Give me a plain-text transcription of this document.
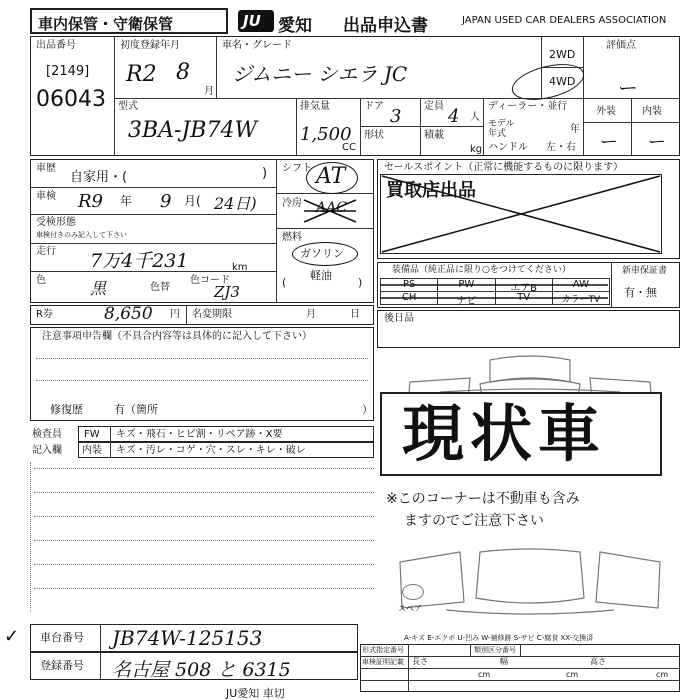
車内保管・守衛保管	JU 愛知 出品申込書	JAPAN USED CAR DEALERS ASSOCIATION
出品番号
[2149]
06043
初度登録年月
R2 8
月
車名・グレード
ジムニー シエラ JC
2WD
4WD
評価点
ー
型式
3BA-JB74W
排気量
1,500
CC
ドア 3
形状
定員 4 人
積載
kg
ディーラー・並行
モデル年式	年
ハンドル 左・右
外装	内装
ー ー
車歴
自家用・(	)
車検 R9 年 9 月( 24日)
受検形態
車検付きのみ記入して下さい
走行 7万4千231	km
色	黒	色替
色コード
ZJ3
シフト AT
冷房 AAC
燃料
ガソリン
軽油
(	)
R券	8,650 円 名変期限	月	日
セールスポイント（正常に機能するものに限ります）
買取店出品
装備品（純正品に限り○をつけてください）
PS	PW	エアB	AW
CH	ナビ	TV	カラーTV
新車保証書
有・無
後日品
注意事項申告欄（不具合内容等は具体的に記入して下さい）
修復歴	有（箇所	）
検査員
記入欄
FW キズ・飛石・ヒビ割・リペア跡・X要
内装 キズ・汚レ・コゲ・穴・スレ・キレ・破レ 現状車
※このコーナーは不動車も含み
ますのでご注意下さい
スペア
A-キズ E-エクボ U-凹み W-補修跡 S-サビ C-腐食 XX-交換済
✓ 車台番号 JB74W-125153
登録番号 名古屋 508 と 6315
JU愛知 車切
形式指定番号	類別区分番号
車検証明記載 長さ	幅	高さ
cm	cm	cm
